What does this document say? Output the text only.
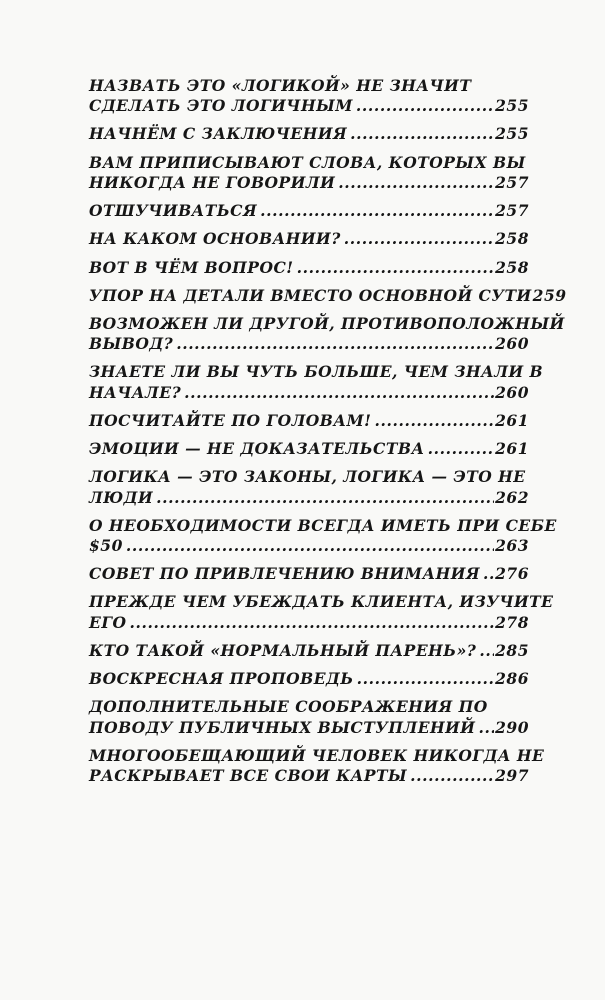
НАЗВАТЬ ЭТО «ЛОГИКОЙ» НЕ ЗНАЧИТ
СДЕЛАТЬ ЭТО ЛОГИЧНЫМ . . .	255
НАЧНЁМ С ЗАКЛЮЧЕНИЯ . . .	255
ВАМ ПРИПИСЫВАЮТ СЛОВА, КОТОРЫХ ВЫ
НИКОГДА НЕ ГОВОРИЛИ . . .	257
ОТШУЧИВАТЬСЯ . . .	257
НА КАКОМ ОСНОВАНИИ? . . .	258
ВОТ В ЧЁМ ВОПРОС! . . .	258
УПОР НА ДЕТАЛИ ВМЕСТО ОСНОВНОЙ СУТИ 259
ВОЗМОЖЕН ЛИ ДРУГОЙ, ПРОТИВОПОЛОЖНЫЙ
ВЫВОД? . . .	260
ЗНАЕТЕ ЛИ ВЫ ЧУТЬ БОЛЬШЕ, ЧЕМ ЗНАЛИ В
НАЧАЛЕ? . . .	260
ПОСЧИТАЙТЕ ПО ГОЛОВАМ! . . .	261
ЭМОЦИИ — НЕ ДОКАЗАТЕЛЬСТВА . . .	261
ЛОГИКА — ЭТО ЗАКОНЫ, ЛОГИКА — ЭТО НЕ
ЛЮДИ . . .	262
О НЕОБХОДИМОСТИ ВСЕГДА ИМЕТЬ ПРИ СЕБЕ
$50 . . .	263
СОВЕТ ПО ПРИВЛЕЧЕНИЮ ВНИМАНИЯ . . . 276
ПРЕЖДЕ ЧЕМ УБЕЖДАТЬ КЛИЕНТА, ИЗУЧИТЕ
ЕГО . . .	278
КТО ТАКОЙ «НОРМАЛЬНЫЙ ПАРЕНЬ»? . . . 285
ВОСКРЕСНАЯ ПРОПОВЕДЬ . . .	286
ДОПОЛНИТЕЛЬНЫЕ СООБРАЖЕНИЯ ПО
ПОВОДУ ПУБЛИЧНЫХ ВЫСТУПЛЕНИЙ . . . 290
МНОГООБЕЩАЮЩИЙ ЧЕЛОВЕК НИКОГДА НЕ
РАСКРЫВАЕТ ВСЕ СВОИ КАРТЫ . . .	297
